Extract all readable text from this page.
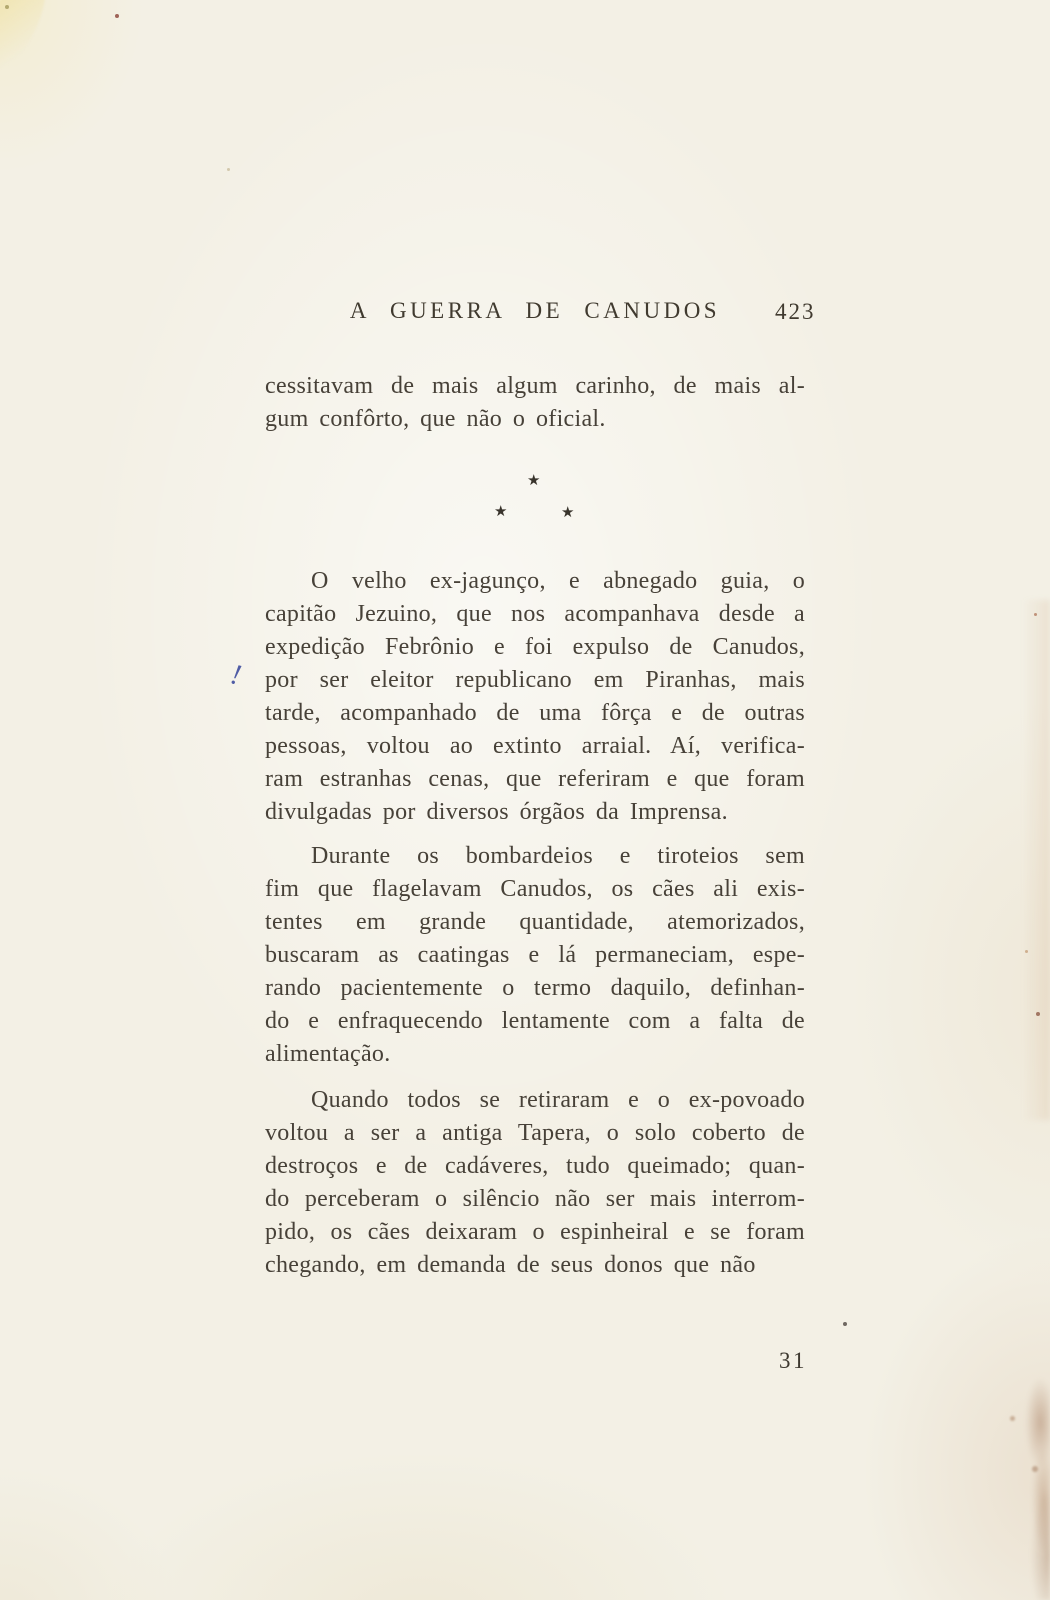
A GUERRA DE CANUDOS	423
cessitavam de mais algum carinho, de mais al-
gum confôrto, que não o oficial.
★
★	★
!
O velho ex-jagunço, e abnegado guia, o
capitão Jezuino, que nos acompanhava desde a
expedição Febrônio e foi expulso de Canudos,
por ser eleitor republicano em Piranhas, mais
tarde, acompanhado de uma fôrça e de outras
pessoas, voltou ao extinto arraial. Aí, verifica-
ram estranhas cenas, que referiram e que foram
divulgadas por diversos órgãos da Imprensa.
Durante os bombardeios e tiroteios sem
fim que flagelavam Canudos, os cães ali exis-
tentes em grande quantidade, atemorizados,
buscaram as caatingas e lá permaneciam, espe-
rando pacientemente o termo daquilo, definhan-
do e enfraquecendo lentamente com a falta de
alimentação.
Quando todos se retiraram e o ex-povoado
voltou a ser a antiga Tapera, o solo coberto de
destroços e de cadáveres, tudo queimado; quan-
do perceberam o silêncio não ser mais interrom-
pido, os cães deixaram o espinheiral e se foram
chegando, em demanda de seus donos que não
31
